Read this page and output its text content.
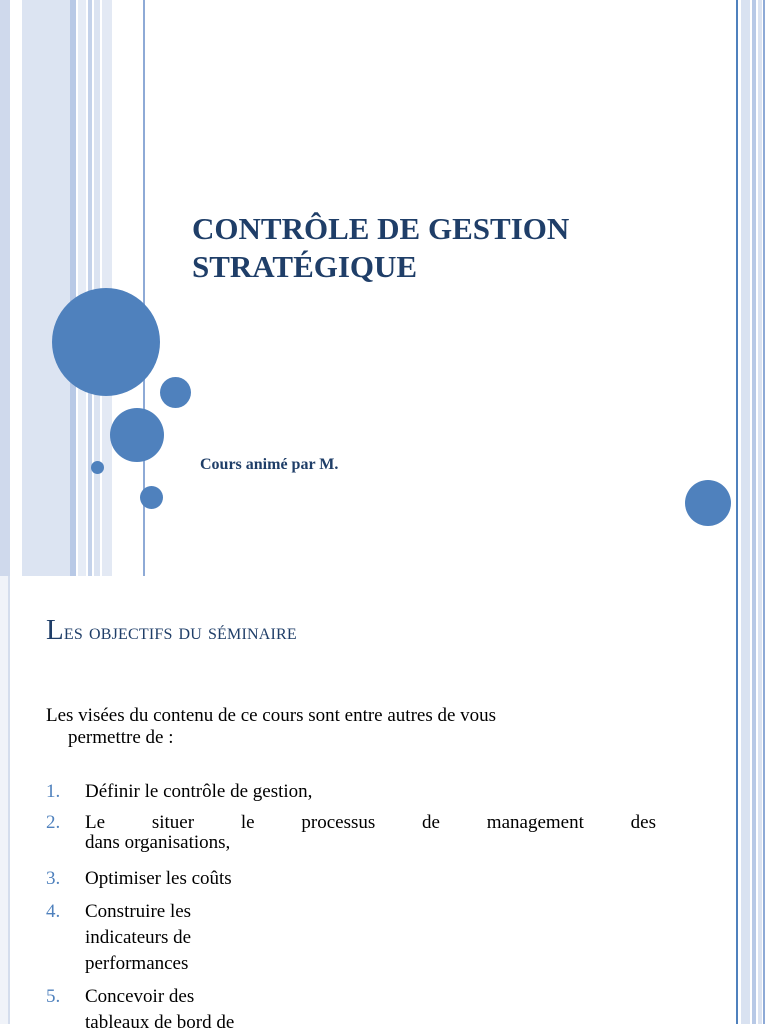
CONTRÔLE DE GESTION
STRATÉGIQUE

Cours animé par M.

Les objectifs du séminaire

Les visées du contenu de ce cours sont entre autres de vous
permettre de :

1.	Définir le contrôle de gestion,
2.	Le situer le processus de management des
dans organisations,
3.	Optimiser les coûts
4.	Construire les indicateurs de performances
5.	Concevoir des tableaux de bord de
